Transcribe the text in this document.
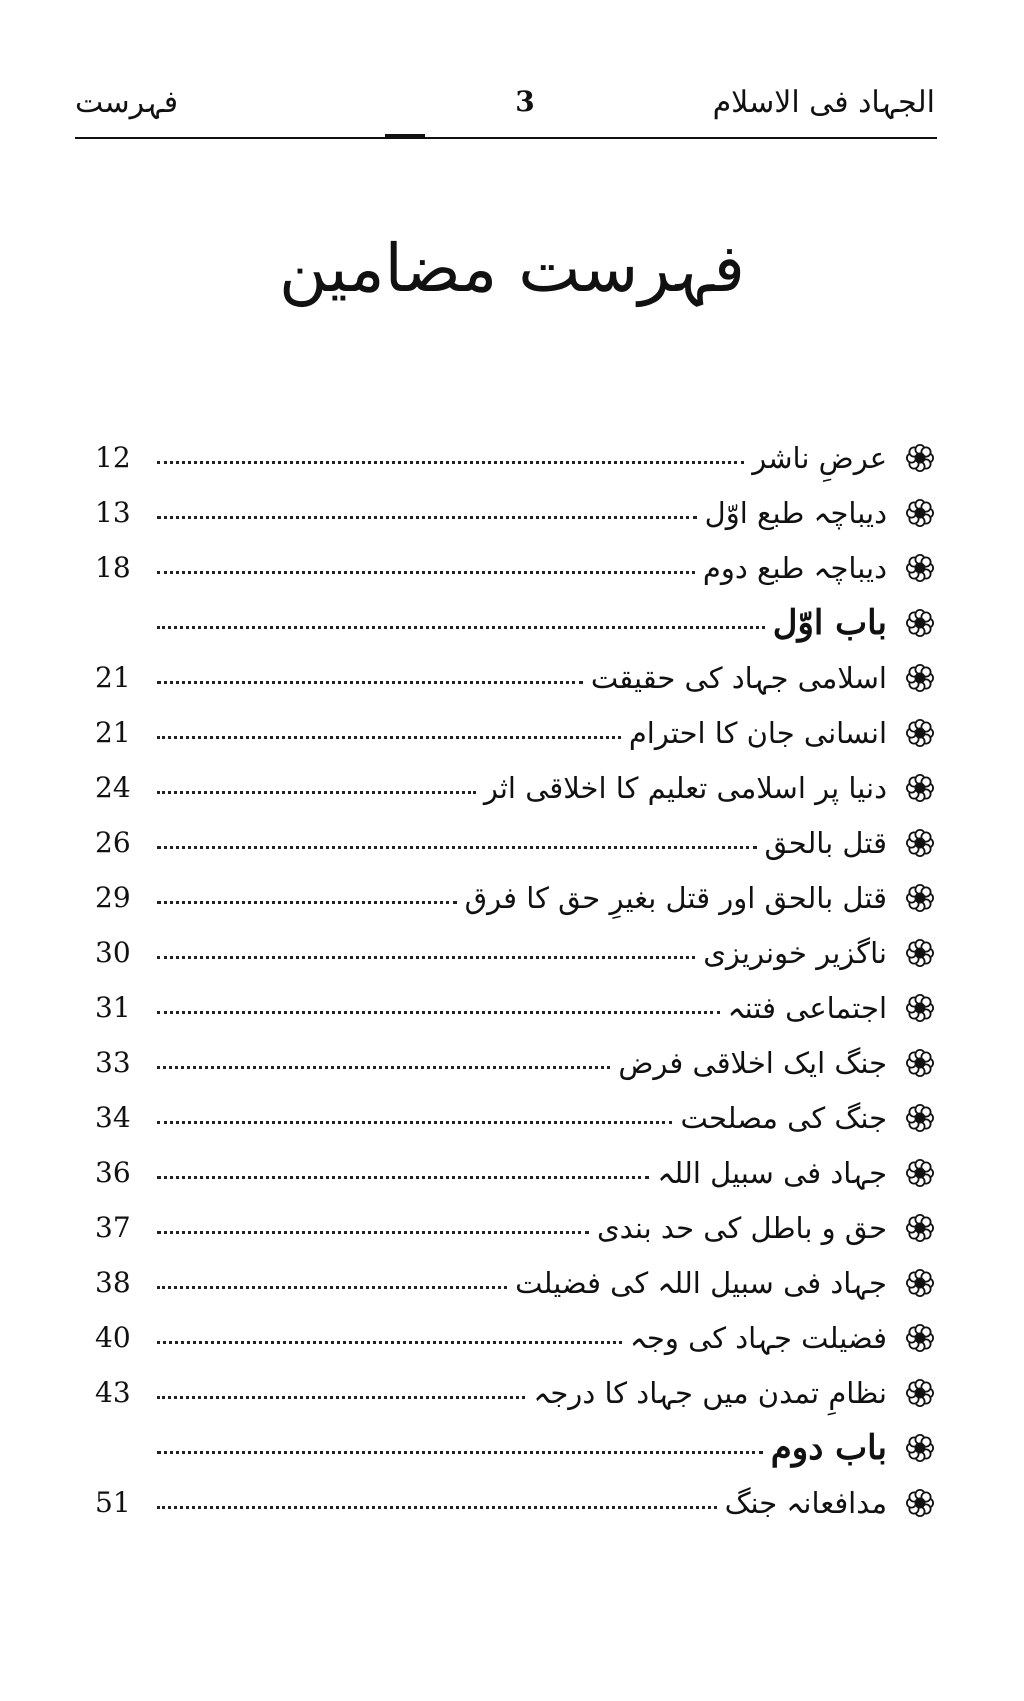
الجہاد فی الاسلام
3
فہرست
فہرست مضامین
12	عرضِ ناشر
13	دیباچہ طبع اوّل
18	دیباچہ طبع دوم
باب اوّل
21	اسلامی جہاد کی حقیقت
21	انسانی جان کا احترام
24	دنیا پر اسلامی تعلیم کا اخلاقی اثر
26	قتل بالحق
29	قتل بالحق اور قتل بغیرِ حق کا فرق
30	ناگزیر خونریزی
31	اجتماعی فتنہ
33	جنگ ایک اخلاقی فرض
34	جنگ کی مصلحت
36	جہاد فی سبیل اللہ
37	حق و باطل کی حد بندی
38	جہاد فی سبیل اللہ کی فضیلت
40	فضیلت جہاد کی وجہ
43	نظامِ تمدن میں جہاد کا درجہ
باب دوم
51	مدافعانہ جنگ
